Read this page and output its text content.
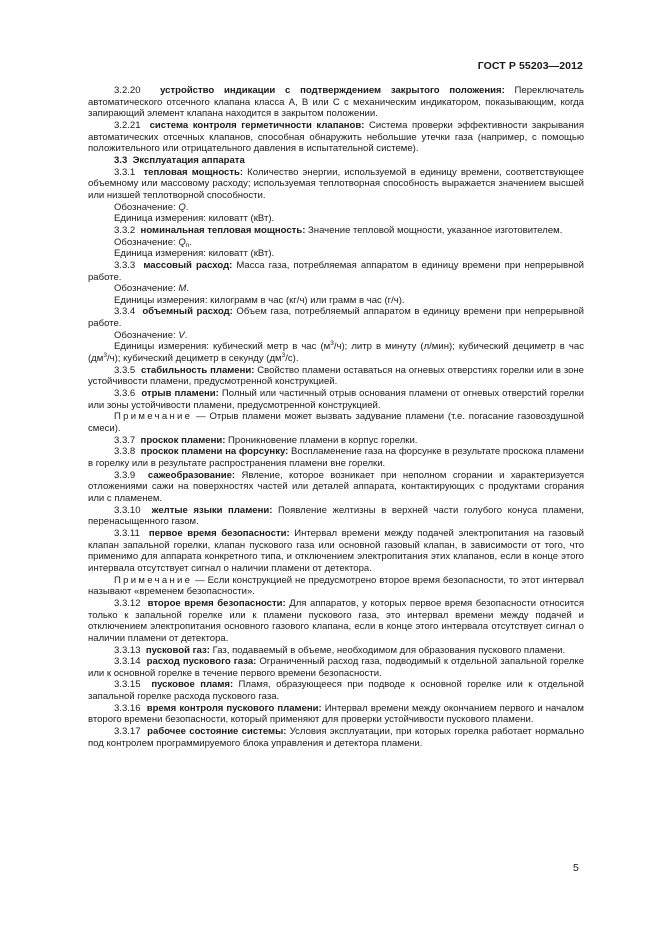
ГОСТ Р 55203—2012

3.2.20 устройство индикации с подтверждением закрытого положения: Переключатель автоматического отсечного клапана класса А, В или С с механическим индикатором, показывающим, когда запирающий элемент клапана находится в закрытом положении.

3.2.21 система контроля герметичности клапанов: Система проверки эффективности закрывания автоматических отсечных клапанов, способная обнаружить небольшие утечки газа (например, с помощью положительного или отрицательного давления в испытательной системе).

3.3 Эксплуатация аппарата

3.3.1 тепловая мощность: Количество энергии, используемой в единицу времени, соответствующее объемному или массовому расходу; используемая теплотворная способность выражается значением высшей или низшей теплотворной способности.

Обозначение: Q.

Единица измерения: киловатт (кВт).

3.3.2 номинальная тепловая мощность: Значение тепловой мощности, указанное изготовителем.

Обозначение: $Q_n$.

Единица измерения: киловатт (кВт).

3.3.3 массовый расход: Масса газа, потребляемая аппаратом в единицу времени при непрерывной работе.

Обозначение: М.

Единицы измерения: килограмм в час (кг/ч) или грамм в час (г/ч).

3.3.4 объемный расход: Объем газа, потребляемый аппаратом в единицу времени при непрерывной работе.

Обозначение: V.

Единицы измерения: кубический метр в час $(м^3/ч)$; литр в минуту (л/мин); кубический дециметр в час $(дм^3/ч)$; кубический дециметр в секунду $(дм^3/с)$.

3.3.5 стабильность пламени: Свойство пламени оставаться на огневых отверстиях горелки или в зоне устойчивости пламени, предусмотренной конструкцией.

3.3.6 отрыв пламени: Полный или частичный отрыв основания пламени от огневых отверстий горелки или зоны устойчивости пламени, предусмотренной конструкцией.

Примечание — Отрыв пламени может вызвать задувание пламени (т.е. погасание газовоздушной смеси).

3.3.7 проскок пламени: Проникновение пламени в корпус горелки.

3.3.8 проскок пламени на форсунку: Воспламенение газа на форсунке в результате проскока пламени в горелку или в результате распространения пламени вне горелки.

3.3.9 сажеобразование: Явление, которое возникает при неполном сгорании и характеризуется отложениями сажи на поверхностях частей или деталей аппарата, контактирующих с продуктами сгорания или с пламенем.

3.3.10 желтые языки пламени: Появление желтизны в верхней части голубого конуса пламени, перенасыщенного газом.

3.3.11 первое время безопасности: Интервал времени между подачей электропитания на газовый клапан запальной горелки, клапан пускового газа или основной газовый клапан, в зависимости от того, что применимо для аппарата конкретного типа, и отключением электропитания этих клапанов, если в конце этого интервала отсутствует сигнал о наличии пламени от детектора.

Примечание — Если конструкцией не предусмотрено второе время безопасности, то этот интервал называют «временем безопасности».

3.3.12 второе время безопасности: Для аппаратов, у которых первое время безопасности относится только к запальной горелке или к пламени пускового газа, это интервал времени между подачей и отключением электропитания основного газового клапана, если в конце этого интервала отсутствует сигнал о наличии пламени от детектора.

3.3.13 пусковой газ: Газ, подаваемый в объеме, необходимом для образования пускового пламени.

3.3.14 расход пускового газа: Ограниченный расход газа, подводимый к отдельной запальной горелке или к основной горелке в течение первого времени безопасности.

3.3.15 пусковое пламя: Пламя, образующееся при подводе к основной горелке или к отдельной запальной горелке расхода пускового газа.

3.3.16 время контроля пускового пламени: Интервал времени между окончанием первого и началом второго времени безопасности, который применяют для проверки устойчивости пускового пламени.

3.3.17 рабочее состояние системы: Условия эксплуатации, при которых горелка работает нормально под контролем программируемого блока управления и детектора пламени.

5
